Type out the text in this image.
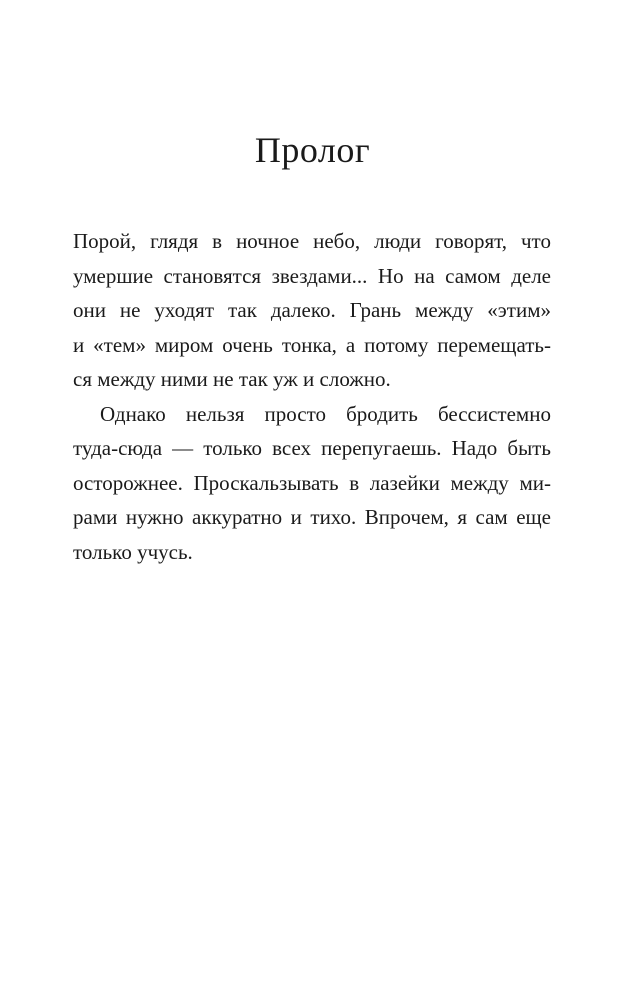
Пролог
Порой, глядя в ночное небо, люди говорят, что
умершие становятся звездами... Но на самом деле
они не уходят так далеко. Грань между «этим»
и «тем» миром очень тонка, а потому перемещать-
ся между ними не так уж и сложно.
Однако нельзя просто бродить бессистемно
туда-сюда — только всех перепугаешь. Надо быть
осторожнее. Проскальзывать в лазейки между ми-
рами нужно аккуратно и тихо. Впрочем, я сам еще
только учусь.
